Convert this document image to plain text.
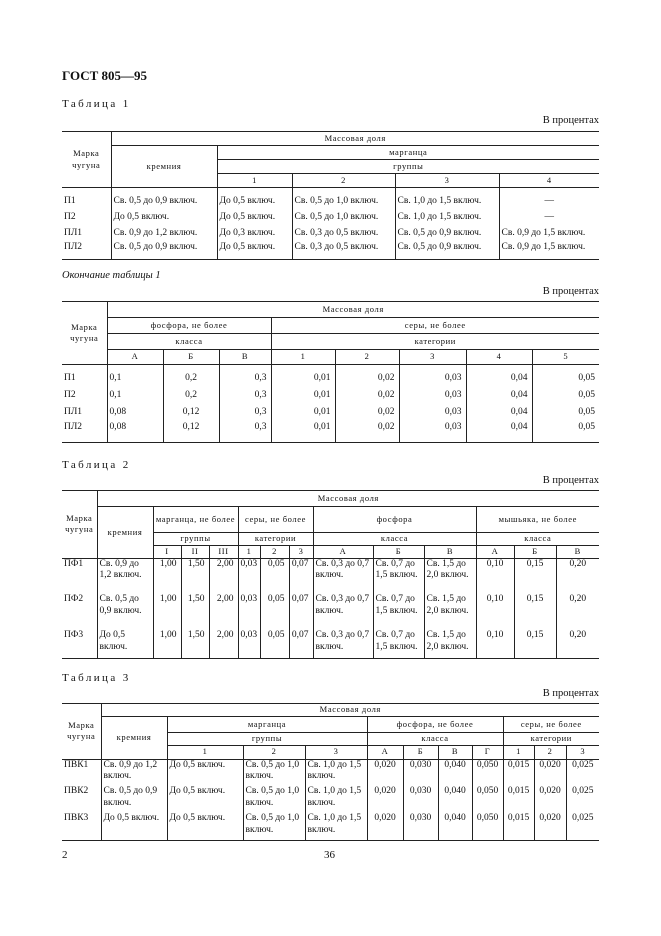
ГОСТ 805—95
Таблица 1
В процентах
Марка чугуна	Массовая доля				
	кремния	марганца			
		группы			
		1	2	3	4

П1	Св. 0,5 до 0,9 включ.	До 0,5 включ.	Св. 0,5 до 1,0 включ.	Св. 1,0 до 1,5 включ.	—
П2	До 0,5 включ.	До 0,5 включ.	Св. 0,5 до 1,0 включ.	Св. 1,0 до 1,5 включ.	—
ПЛ1	Св. 0,9 до 1,2 включ.	До 0,3 включ.	Св. 0,3 до 0,5 включ.	Св. 0,5 до 0,9 включ.	Св. 0,9 до 1,5 включ.
ПЛ2	Св. 0,5 до 0,9 включ.	До 0,5 включ.	Св. 0,3 до 0,5 включ.	Св. 0,5 до 0,9 включ.	Св. 0,9 до 1,5 включ.
Окончание таблицы 1
В процентах
Марка чугуна	Массовая доля							
	фосфора, не более			серы, не более				
	класса			категории				
	А	Б	В	1	2	3	4	5

П1	0,1	0,2	0,3	0,01	0,02	0,03	0,04	0,05
П2	0,1	0,2	0,3	0,01	0,02	0,03	0,04	0,05
ПЛ1	0,08	0,12	0,3	0,01	0,02	0,03	0,04	0,05
ПЛ2	0,08	0,12	0,3	0,01	0,02	0,03	0,04	0,05
Таблица 2
В процентах
Марка чугуна	Массовая доля												
	кремния	марганца, не более			серы, не более			фосфора			мышьяка, не более		
		группы			категории			класса			класса		
		I	II	III	1	2	3	А	Б	В	А	Б	В
ПФ1	Св. 0,9 до 1,2 включ.	1,00	1,50	2,00	0,03	0,05	0,07	Св. 0,3 до 0,7 включ.	Св. 0,7 до 1,5 включ.	Св. 1,5 до 2,0 включ.	0,10	0,15	0,20
ПФ2	Св. 0,5 до 0,9 включ.	1,00	1,50	2,00	0,03	0,05	0,07	Св. 0,3 до 0,7 включ.	Св. 0,7 до 1,5 включ.	Св. 1,5 до 2,0 включ.	0,10	0,15	0,20
ПФ3	До 0,5 включ.	1,00	1,50	2,00	0,03	0,05	0,07	Св. 0,3 до 0,7 включ.	Св. 0,7 до 1,5 включ.	Св. 1,5 до 2,0 включ.	0,10	0,15	0,20
Таблица 3
В процентах
Марка чугуна	Массовая доля										
	кремния	марганца			фосфора, не более				серы, не более		
		группы			класса				категории		
		1	2	3	А	Б	В	Г	1	2	3
ПВК1	Св. 0,9 до 1,2 включ.	До 0,5 включ.	Св. 0,5 до 1,0 включ.	Св. 1,0 до 1,5 включ.	0,020	0,030	0,040	0,050	0,015	0,020	0,025
ПВК2	Св. 0,5 до 0,9 включ.	До 0,5 включ.	Св. 0,5 до 1,0 включ.	Св. 1,0 до 1,5 включ.	0,020	0,030	0,040	0,050	0,015	0,020	0,025
ПВК3	До 0,5 включ.	До 0,5 включ.	Св. 0,5 до 1,0 включ.	Св. 1,0 до 1,5 включ.	0,020	0,030	0,040	0,050	0,015	0,020	0,025
2	36
